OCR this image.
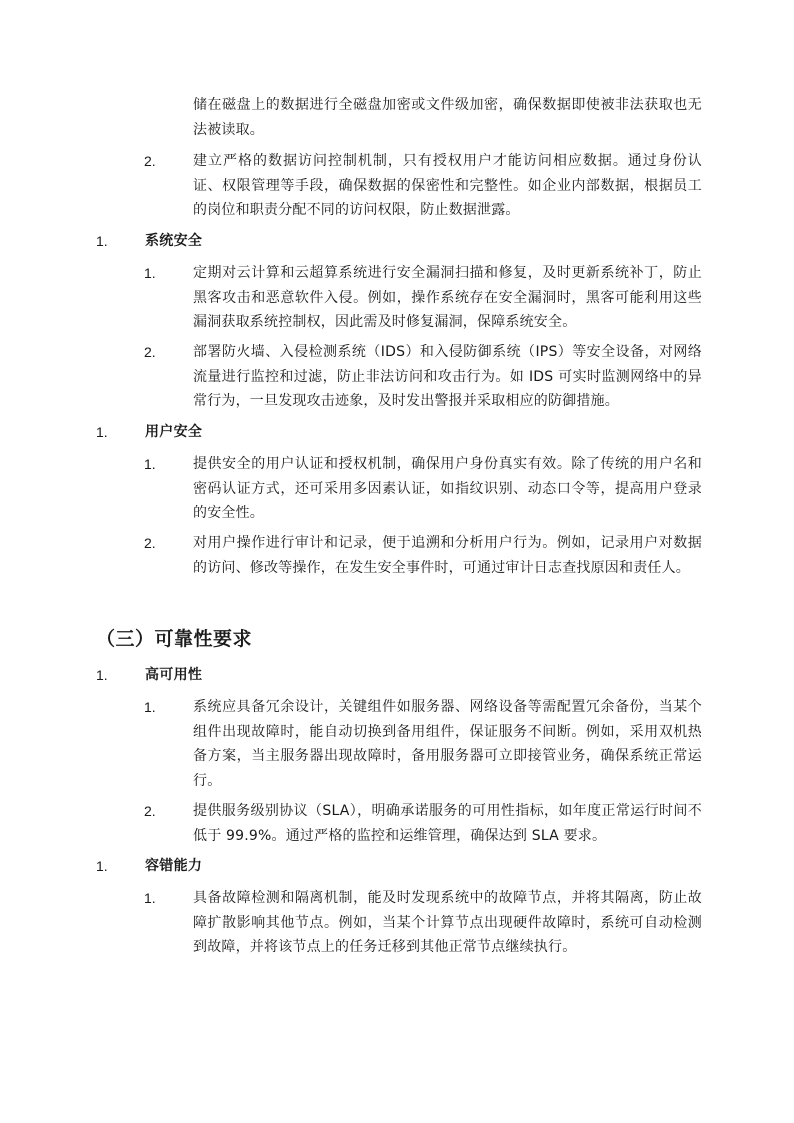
储在磁盘上的数据进行全磁盘加密或文件级加密，确保数据即使被非法获取也无法被读取。

2.	建立严格的数据访问控制机制，只有授权用户才能访问相应数据。通过身份认证、权限管理等手段，确保数据的保密性和完整性。如企业内部数据，根据员工的岗位和职责分配不同的访问权限，防止数据泄露。

1.	系统安全
1.	定期对云计算和云超算系统进行安全漏洞扫描和修复，及时更新系统补丁，防止黑客攻击和恶意软件入侵。例如，操作系统存在安全漏洞时，黑客可能利用这些漏洞获取系统控制权，因此需及时修复漏洞，保障系统安全。

2.	部署防火墙、入侵检测系统（IDS）和入侵防御系统（IPS）等安全设备，对网络流量进行监控和过滤，防止非法访问和攻击行为。如 IDS 可实时监测网络中的异常行为，一旦发现攻击迹象，及时发出警报并采取相应的防御措施。

1.	用户安全
1.	提供安全的用户认证和授权机制，确保用户身份真实有效。除了传统的用户名和密码认证方式，还可采用多因素认证，如指纹识别、动态口令等，提高用户登录的安全性。

2.	对用户操作进行审计和记录，便于追溯和分析用户行为。例如，记录用户对数据的访问、修改等操作，在发生安全事件时，可通过审计日志查找原因和责任人。

（三）可靠性要求
1.	高可用性
1.	系统应具备冗余设计，关键组件如服务器、网络设备等需配置冗余备份，当某个组件出现故障时，能自动切换到备用组件，保证服务不间断。例如，采用双机热备方案，当主服务器出现故障时，备用服务器可立即接管业务，确保系统正常运行。

2.	提供服务级别协议（SLA），明确承诺服务的可用性指标，如年度正常运行时间不低于 99.9%。通过严格的监控和运维管理，确保达到 SLA 要求。

1.	容错能力
1.	具备故障检测和隔离机制，能及时发现系统中的故障节点，并将其隔离，防止故障扩散影响其他节点。例如，当某个计算节点出现硬件故障时，系统可自动检测到故障，并将该节点上的任务迁移到其他正常节点继续执行。
